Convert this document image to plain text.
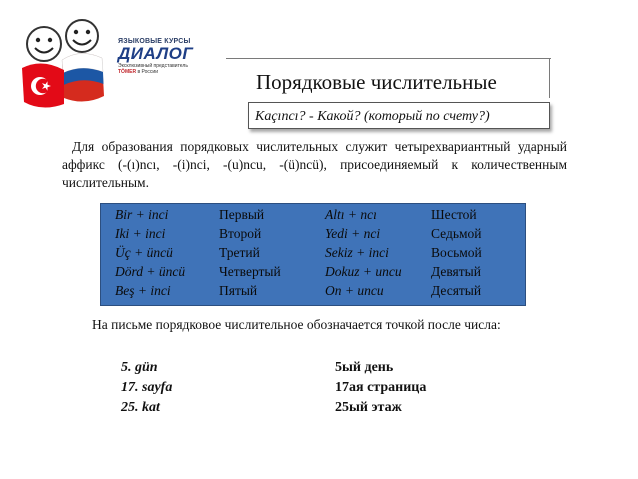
ЯЗЫКОВЫЕ КУРСЫ
ДИАЛОГ
Эксклюзивный представитель
TÖMER в России	Порядковые числительные
Kaçıncı? - Какой? (который по счету?)
Для образования порядковых числительных служит четырехвариантный ударный аффикс (-(ı)ncı, -(i)nci, -(u)ncu, -(ü)ncü), присоединяемый к количественным числительным.
Bir + inci	Первый	Altı + ncı	Шестой
Iki + inci	Второй	Yedi + nci	Седьмой
Üç + üncü	Третий	Sekiz + inci	Восьмой
Dörd + üncü	Четвертый	Dokuz + uncu Девятый
Beş + inci	Пятый	On + uncu	Десятый
На письме порядковое числительное обозначается точкой после числа:
5. gün	5ый день
17. sayfa	17ая страница
25. kat	25ый этаж
